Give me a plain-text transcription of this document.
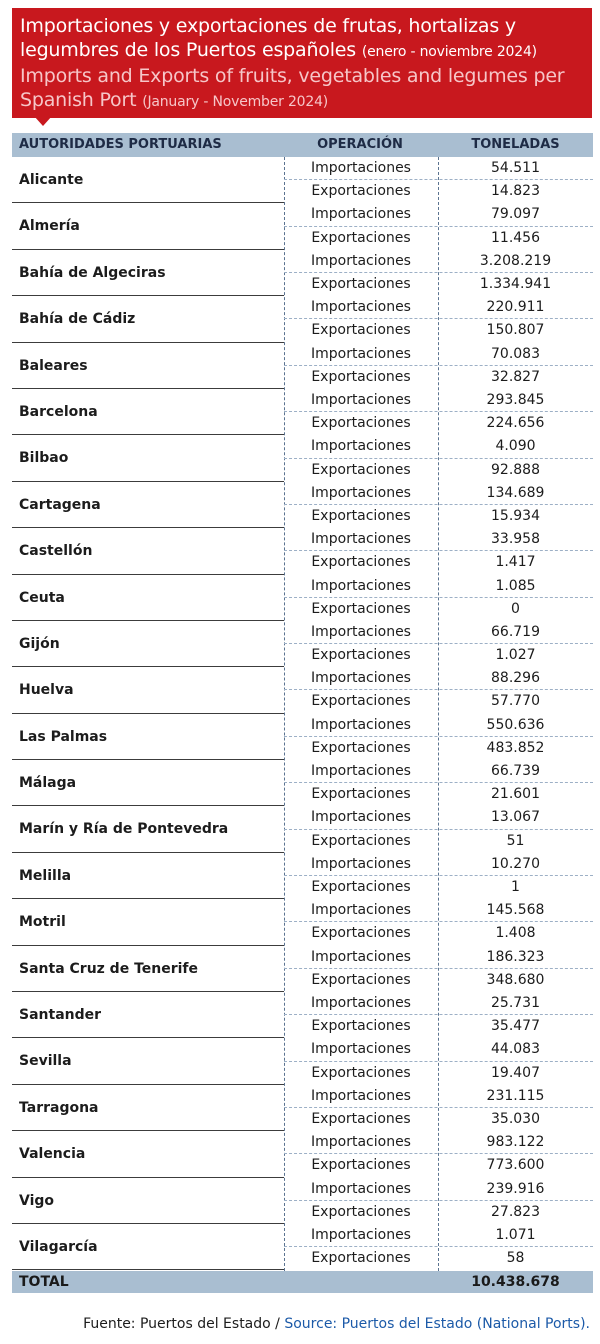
Importaciones y exportaciones de frutas, hortalizas y
legumbres de los Puertos españoles (enero - noviembre 2024)
Imports and Exports of fruits, vegetables and legumes per
Spanish Port (January - November 2024)
AUTORIDADES PORTUARIAS	OPERACIÓN	TONELADAS
Alicante
Importaciones	54.511
Exportaciones	14.823
Almería
Importaciones	79.097
Exportaciones	11.456
Bahía de Algeciras
Importaciones	3.208.219
Exportaciones	1.334.941
Bahía de Cádiz
Importaciones	220.911
Exportaciones	150.807
Baleares
Importaciones	70.083
Exportaciones	32.827
Barcelona
Importaciones	293.845
Exportaciones	224.656
Bilbao
Importaciones	4.090
Exportaciones	92.888
Cartagena
Importaciones	134.689
Exportaciones	15.934
Castellón
Importaciones	33.958
Exportaciones	1.417
Ceuta
Importaciones	1.085
Exportaciones	0
Gijón
Importaciones	66.719
Exportaciones	1.027
Huelva
Importaciones	88.296
Exportaciones	57.770
Las Palmas
Importaciones	550.636
Exportaciones	483.852
Málaga
Importaciones	66.739
Exportaciones	21.601
Marín y Ría de Pontevedra
Importaciones	13.067
Exportaciones	51
Melilla
Importaciones	10.270
Exportaciones	1
Motril
Importaciones	145.568
Exportaciones	1.408
Santa Cruz de Tenerife
Importaciones	186.323
Exportaciones	348.680
Santander
Importaciones	25.731
Exportaciones	35.477
Sevilla
Importaciones	44.083
Exportaciones	19.407
Tarragona
Importaciones	231.115
Exportaciones	35.030
Valencia
Importaciones	983.122
Exportaciones	773.600
Vigo
Importaciones	239.916
Exportaciones	27.823
Vilagarcía
Importaciones	1.071
Exportaciones	58
TOTAL	10.438.678
Fuente: Puertos del Estado / Source: Puertos del Estado (National Ports).
